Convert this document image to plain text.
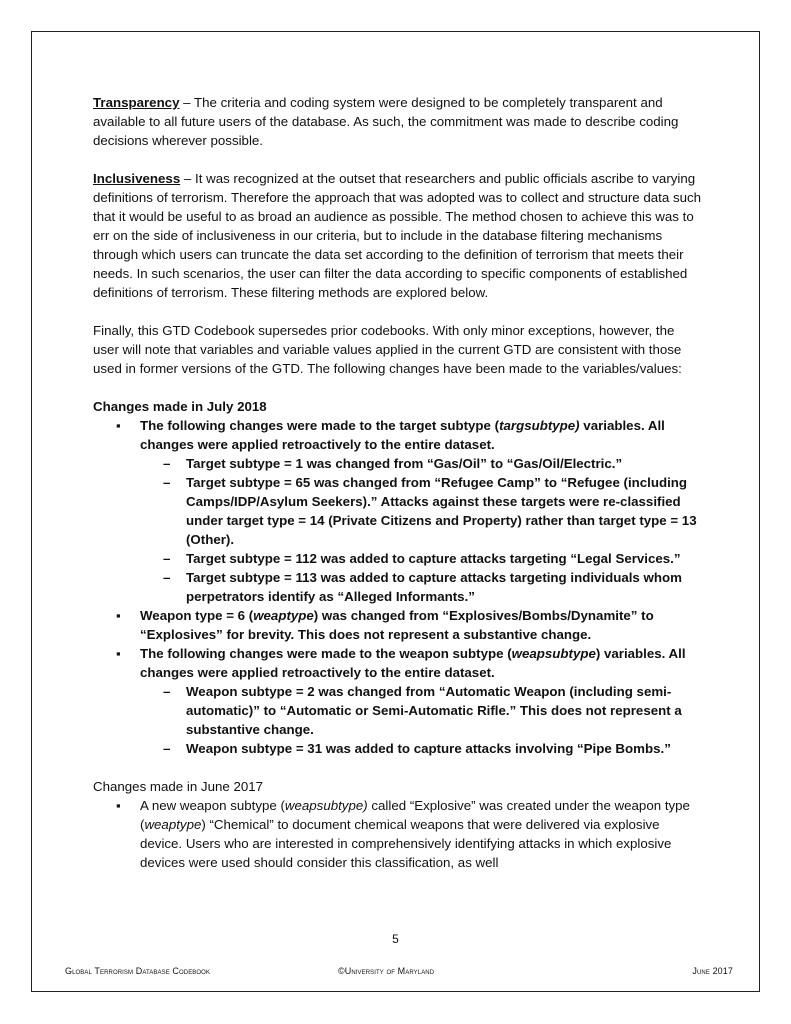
Transparency – The criteria and coding system were designed to be completely transparent and available to all future users of the database. As such, the commitment was made to describe coding decisions wherever possible.

Inclusiveness – It was recognized at the outset that researchers and public officials ascribe to varying definitions of terrorism. Therefore the approach that was adopted was to collect and structure data such that it would be useful to as broad an audience as possible. The method chosen to achieve this was to err on the side of inclusiveness in our criteria, but to include in the database filtering mechanisms through which users can truncate the data set according to the definition of terrorism that meets their needs. In such scenarios, the user can filter the data according to specific components of established definitions of terrorism. These filtering methods are explored below.

Finally, this GTD Codebook supersedes prior codebooks. With only minor exceptions, however, the user will note that variables and variable values applied in the current GTD are consistent with those used in former versions of the GTD. The following changes have been made to the variables/values:

Changes made in July 2018

▪ The following changes were made to the target subtype (targsubtype) variables. All changes were applied retroactively to the entire dataset.
– Target subtype = 1 was changed from “Gas/Oil” to “Gas/Oil/Electric.”
– Target subtype = 65 was changed from “Refugee Camp” to “Refugee (including Camps/IDP/Asylum Seekers).” Attacks against these targets were re-classified under target type = 14 (Private Citizens and Property) rather than target type = 13 (Other).
– Target subtype = 112 was added to capture attacks targeting “Legal Services.”
– Target subtype = 113 was added to capture attacks targeting individuals whom perpetrators identify as “Alleged Informants.”
▪ Weapon type = 6 (weaptype) was changed from “Explosives/Bombs/Dynamite” to “Explosives” for brevity. This does not represent a substantive change.
▪ The following changes were made to the weapon subtype (weapsubtype) variables. All changes were applied retroactively to the entire dataset.
– Weapon subtype = 2 was changed from “Automatic Weapon (including semi-automatic)” to “Automatic or Semi-Automatic Rifle.” This does not represent a substantive change.
– Weapon subtype = 31 was added to capture attacks involving “Pipe Bombs.”

Changes made in June 2017

▪ A new weapon subtype (weapsubtype) called “Explosive” was created under the weapon type (weaptype) “Chemical” to document chemical weapons that were delivered via explosive device. Users who are interested in comprehensively identifying attacks in which explosive devices were used should consider this classification, as well
5
Global Terrorism Database Codebook	©University of Maryland	June 2017
